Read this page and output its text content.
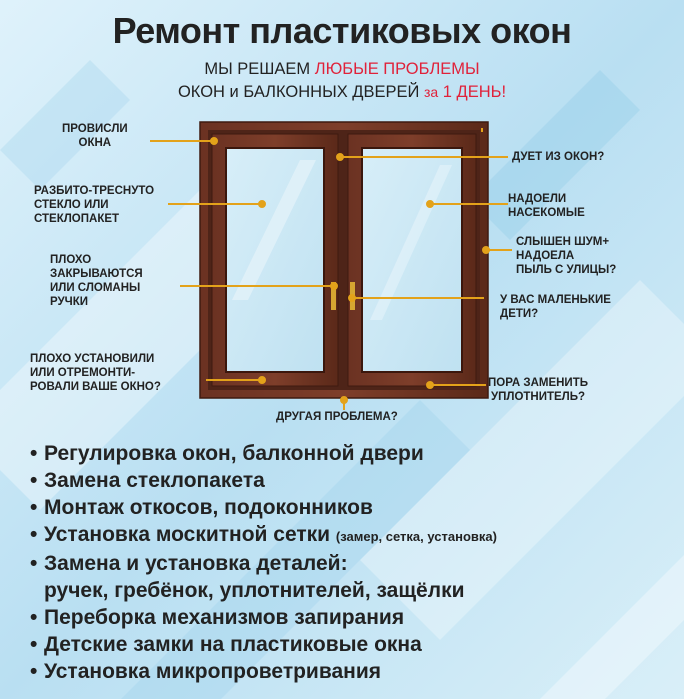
Ремонт пластиковых окон
МЫ РЕШАЕМ ЛЮБЫЕ ПРОБЛЕМЫ
ОКОН и БАЛКОННЫХ ДВЕРЕЙ за 1 ДЕНЬ!
ПРОВИСЛИ
ОКНА
РАЗБИТО-ТРЕСНУТО
СТЕКЛО ИЛИ
СТЕКЛОПАКЕТ
ПЛОХО
ЗАКРЫВАЮТСЯ
ИЛИ СЛОМАНЫ
РУЧКИ
ПЛОХО УСТАНОВИЛИ
ИЛИ ОТРЕМОНТИ-
РОВАЛИ ВАШЕ ОКНО?
ДУЕТ ИЗ ОКОН?
НАДОЕЛИ
НАСЕКОМЫЕ
СЛЫШЕН ШУМ+
НАДОЕЛА
ПЫЛЬ С УЛИЦЫ?
У ВАС МАЛЕНЬКИЕ
ДЕТИ?
ПОРА ЗАМЕНИТЬ
УПЛОТНИТЕЛЬ?
ДРУГАЯ ПРОБЛЕМА?
• Регулировка окон, балконной двери
• Замена стеклопакета
• Монтаж откосов, подоконников
• Установка москитной сетки (замер, сетка, установка)
• Замена и установка деталей:
ручек, гребёнок, уплотнителей, защёлки
• Переборка механизмов запирания
• Детские замки на пластиковые окна
• Установка микропроветривания
